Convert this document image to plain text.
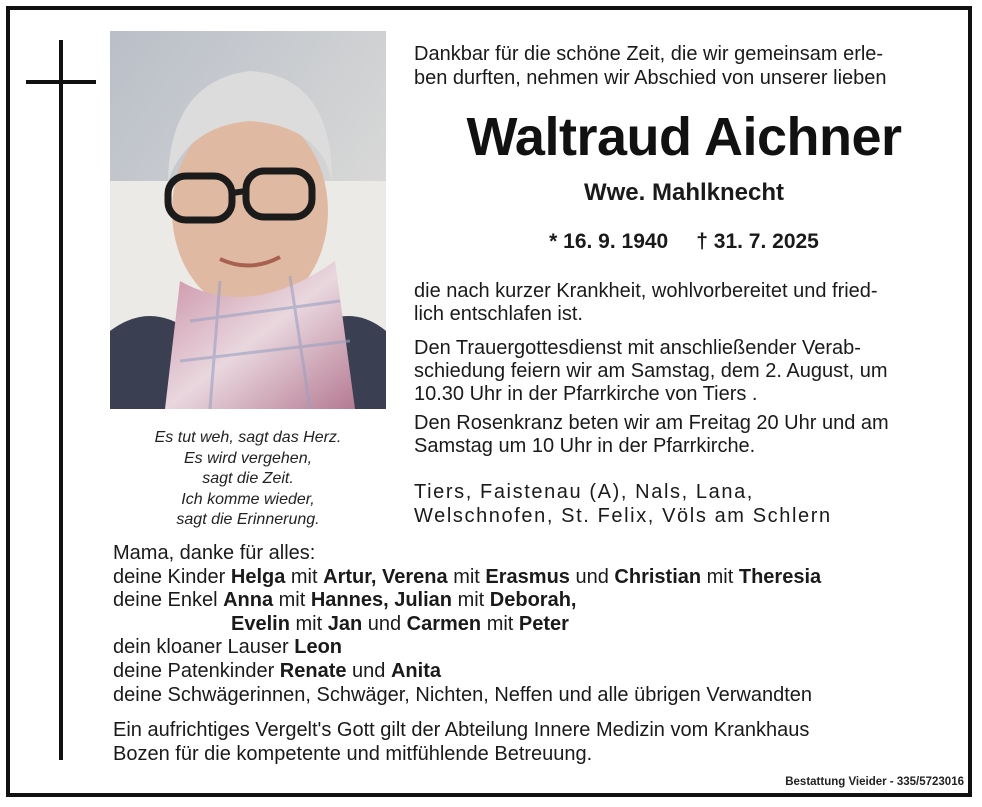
Es tut weh, sagt das Herz.
Es wird vergehen,
sagt die Zeit.
Ich komme wieder,
sagt die Erinnerung.
Dankbar für die schöne Zeit, die wir gemeinsam erle-
ben durften, nehmen wir Abschied von unserer lieben
Waltraud Aichner
Wwe. Mahlknecht
* 16. 9. 1940 † 31. 7. 2025
die nach kurzer Krankheit, wohlvorbereitet und fried-
lich entschlafen ist.
Den Trauergottesdienst mit anschließender Verab-
schiedung feiern wir am Samstag, dem 2. August, um
10.30 Uhr in der Pfarrkirche von Tiers .
Den Rosenkranz beten wir am Freitag 20 Uhr und am
Samstag um 10 Uhr in der Pfarrkirche.
Tiers, Faistenau (A), Nals, Lana,
Welschnofen, St. Felix, Völs am Schlern
Mama, danke für alles:
deine Kinder Helga mit Artur, Verena mit Erasmus und Christian mit Theresia
deine Enkel Anna mit Hannes, Julian mit Deborah,
Evelin mit Jan und Carmen mit Peter
dein kloaner Lauser Leon
deine Patenkinder Renate und Anita
deine Schwägerinnen, Schwäger, Nichten, Neffen und alle übrigen Verwandten
Ein aufrichtiges Vergelt's Gott gilt der Abteilung Innere Medizin vom Krankhaus
Bozen für die kompetente und mitfühlende Betreuung.
Bestattung Vieider - 335/5723016
